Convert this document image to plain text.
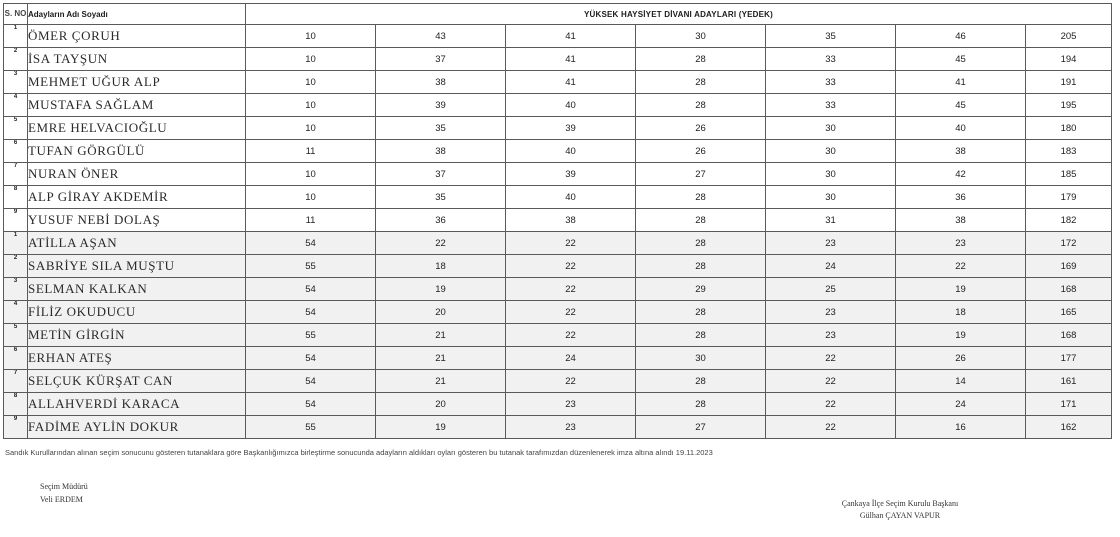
S. NO	Adayların Adı Soyadı	YÜKSEK HAYSİYET DİVANI ADAYLARI (YEDEK)						
1	ÖMER ÇORUH	10	43	41	30	35	46	205
2	İSA TAYŞUN	10	37	41	28	33	45	194
3	MEHMET UĞUR ALP	10	38	41	28	33	41	191
4	MUSTAFA SAĞLAM	10	39	40	28	33	45	195
5	EMRE HELVACIOĞLU	10	35	39	26	30	40	180
6	TUFAN GÖRGÜLÜ	11	38	40	26	30	38	183
7	NURAN ÖNER	10	37	39	27	30	42	185
8	ALP GİRAY AKDEMİR	10	35	40	28	30	36	179
9	YUSUF NEBİ DOLAŞ	11	36	38	28	31	38	182
1	ATİLLA AŞAN	54	22	22	28	23	23	172
2	SABRİYE SILA MUŞTU	55	18	22	28	24	22	169
3	SELMAN KALKAN	54	19	22	29	25	19	168
4	FİLİZ OKUDUCU	54	20	22	28	23	18	165
5	METİN GİRGİN	55	21	22	28	23	19	168
6	ERHAN ATEŞ	54	21	24	30	22	26	177
7	SELÇUK KÜRŞAT CAN	54	21	22	28	22	14	161
8	ALLAHVERDİ KARACA	54	20	23	28	22	24	171
9	FADİME AYLİN DOKUR	55	19	23	27	22	16	162
Sandık Kurullarından alınan seçim sonucunu gösteren tutanaklara göre Başkanlığımızca birleştirme sonucunda adayların aldıkları oyları gösteren bu tutanak tarafımızdan düzenlenerek imza altına alındı 19.11.2023
Seçim Müdürü
Veli ERDEM	Çankaya İlçe Seçim Kurulu Başkanı
Gülhan ÇAYAN VAPUR
